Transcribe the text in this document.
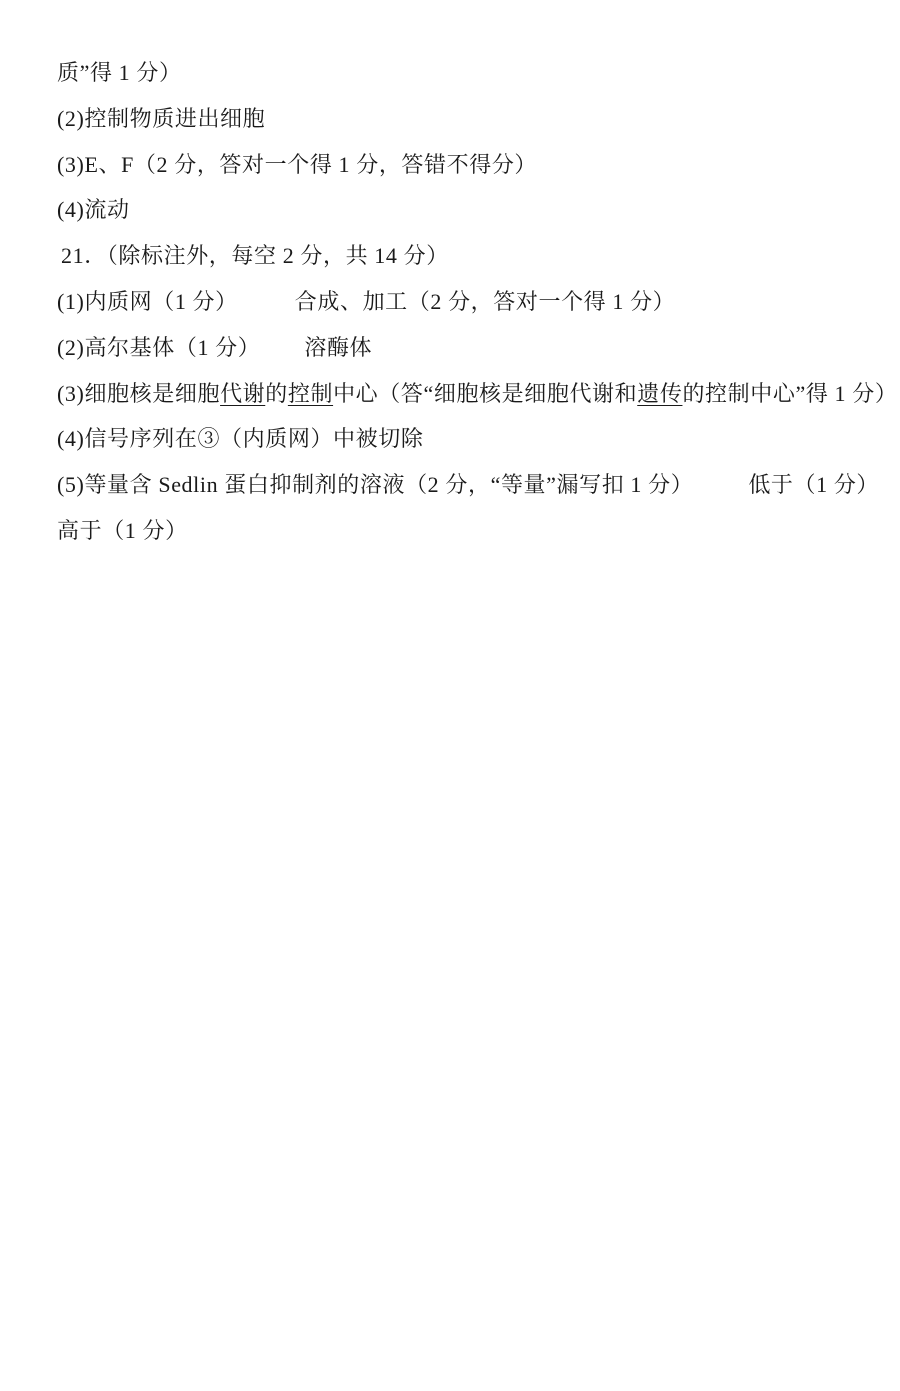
质”得 1 分）

(2)控制物质进出细胞

(3)E、F（2 分，答对一个得 1 分，答错不得分）

(4)流动

21．（除标注外，每空 2 分，共 14 分）

(1)内质网（1 分）	合成、加工（2 分，答对一个得 1 分）

(2)高尔基体（1 分） 溶酶体

(3)细胞核是细胞代谢的控制中心（答“细胞核是细胞代谢和遗传的控制中心”得 1 分）

(4)信号序列在③（内质网）中被切除

(5)等量含 Sedlin 蛋白抑制剂的溶液（2 分，“等量”漏写扣 1 分）	低于（1 分）

高于（1 分）
